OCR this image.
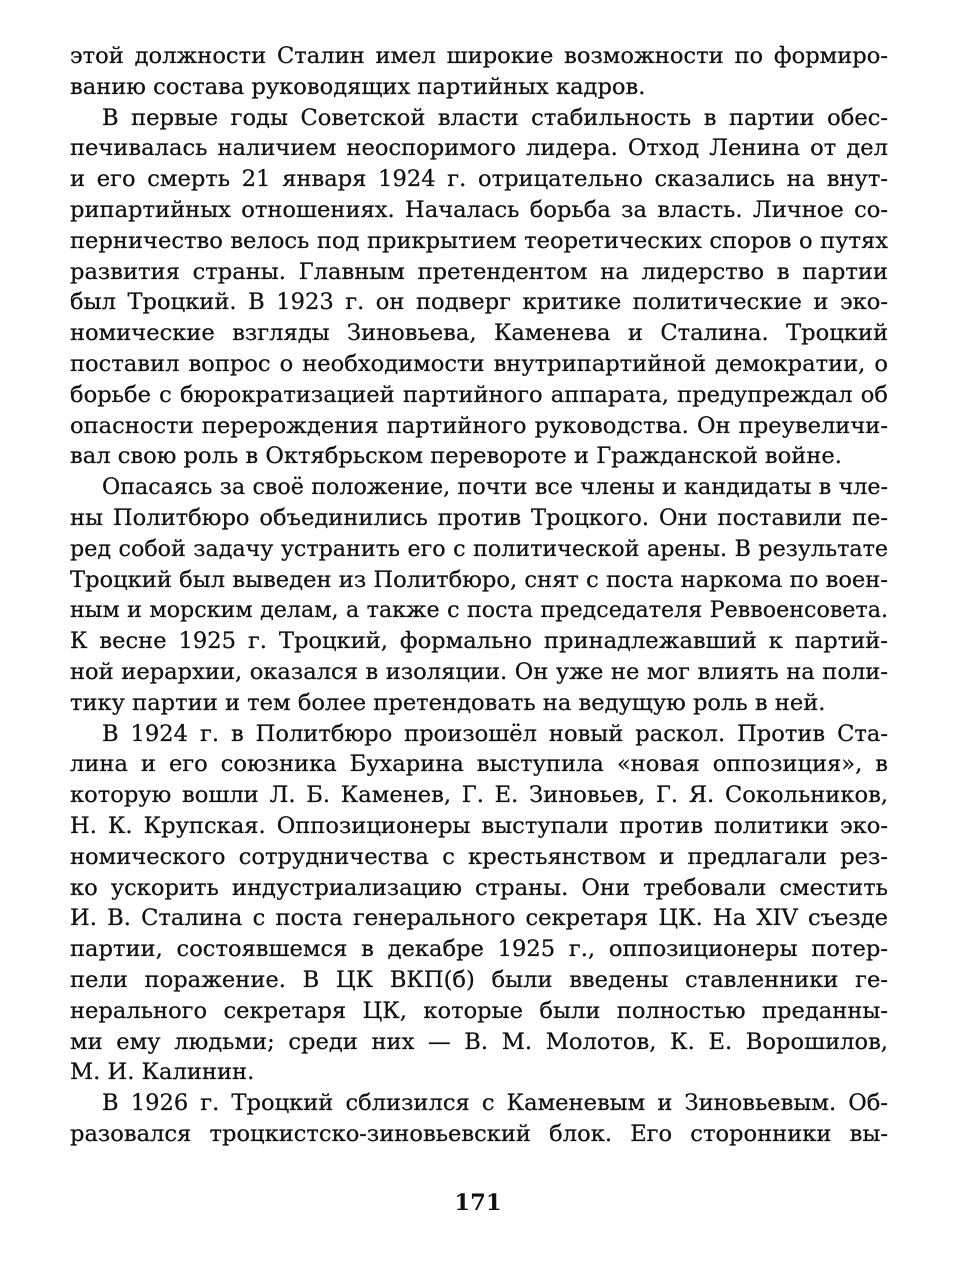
этой должности Сталин имел широкие возможности по формиро-
ванию состава руководящих партийных кадров.
В первые годы Советской власти стабильность в партии обес-
печивалась наличием неоспоримого лидера. Отход Ленина от дел
и его смерть 21 января 1924 г. отрицательно сказались на внут-
рипартийных отношениях. Началась борьба за власть. Личное со-
перничество велось под прикрытием теоретических споров о путях
развития страны. Главным претендентом на лидерство в партии
был Троцкий. В 1923 г. он подверг критике политические и эко-
номические взгляды Зиновьева, Каменева и Сталина. Троцкий
поставил вопрос о необходимости внутрипартийной демократии, о
борьбе с бюрократизацией партийного аппарата, предупреждал об
опасности перерождения партийного руководства. Он преувеличи-
вал свою роль в Октябрьском перевороте и Гражданской войне.
Опасаясь за своё положение, почти все члены и кандидаты в чле-
ны Политбюро объединились против Троцкого. Они поставили пе-
ред собой задачу устранить его с политической арены. В результате
Троцкий был выведен из Политбюро, снят с поста наркома по воен-
ным и морским делам, а также с поста председателя Реввоенсовета.
К весне 1925 г. Троцкий, формально принадлежавший к партий-
ной иерархии, оказался в изоляции. Он уже не мог влиять на поли-
тику партии и тем более претендовать на ведущую роль в ней.
В 1924 г. в Политбюро произошёл новый раскол. Против Ста-
лина и его союзника Бухарина выступила «новая оппозиция», в
которую вошли Л. Б. Каменев, Г. Е. Зиновьев, Г. Я. Сокольников,
Н. К. Крупская. Оппозиционеры выступали против политики эко-
номического сотрудничества с крестьянством и предлагали рез-
ко ускорить индустриализацию страны. Они требовали сместить
И. В. Сталина с поста генерального секретаря ЦК. На XIV съезде
партии, состоявшемся в декабре 1925 г., оппозиционеры потер-
пели поражение. В ЦК ВКП(б) были введены ставленники ге-
нерального секретаря ЦК, которые были полностью преданны-
ми ему людьми; среди них — В. М. Молотов, К. Е. Ворошилов,
М. И. Калинин.
В 1926 г. Троцкий сблизился с Каменевым и Зиновьевым. Об-
разовался троцкистско-зиновьевский блок. Его сторонники вы-
171
